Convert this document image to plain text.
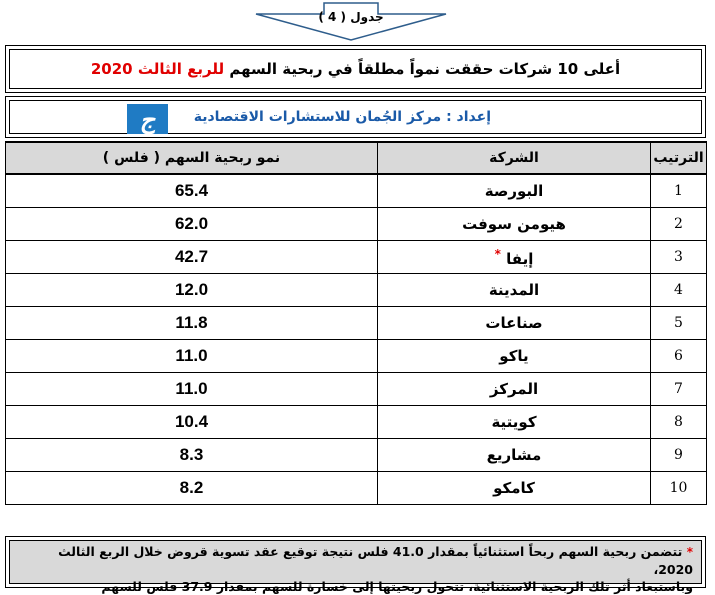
جدول ( 4 )
أعلى 10 شركات حققت نمواً مطلقاً في ربحية السهم

للربع الثالث 2020
إعداد : مركز الجُمان للاستشارات الاقتصادية
ج
الترتيب	الشركة	نمو ربحية السهم ( فلس )
1	البورصة	65.4
2	هيومن سوفت	62.0
3	إيفا *	42.7
4	المدينة	12.0
5	صناعات	11.8
6	ياكو	11.0
7	المركز	11.0
8	كويتية	10.4
9	مشاريع	8.3
10	كامكو	8.2
* تتضمن ربحية السهم ربحاً استثنائياً بمقدار 41.0 فلس نتيجة توقيع عقد تسوية قروض خلال الربع الثالث 2020،
وباستبعاد أثر تلك الربحية الاستثنائية، تتحول ربحيتها إلى خسارة للسهم بمقدار 37.9 فلس للسهم
